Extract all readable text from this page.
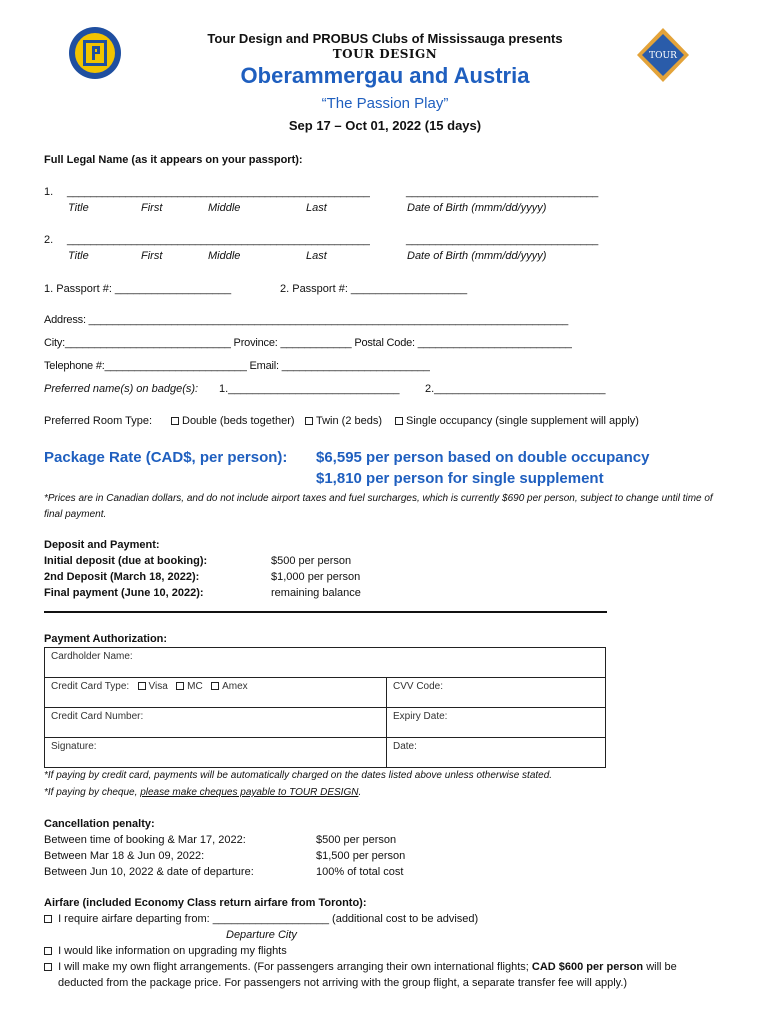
TOUR
Tour Design and PROBUS Clubs of Mississauga presents
TOUR DESIGN
Oberammergau and Austria
“The Passion Play”
Sep 17 – Oct 01, 2022 (15 days)
Full Legal Name (as it appears on your passport):
1. ____________________________________________________	_________________________________
Title	First	Middle	Last	Date of Birth (mmm/dd/yyyy)
2. ____________________________________________________	_________________________________
Title	First	Middle	Last	Date of Birth (mmm/dd/yyyy)
1. Passport #: ___________________	2. Passport #: ___________________
Address: _________________________________________________________________________________
City:____________________________ Province: ____________ Postal Code: __________________________
Telephone #:________________________ Email: _________________________
Preferred name(s) on badge(s): 1.____________________________ 2.____________________________
Preferred Room Type:	Double (beds together)	Twin (2 beds)	Single occupancy (single supplement will apply)
Package Rate (CAD$, per person): $6,595 per person based on double occupancy
$1,810 per person for single supplement
*Prices are in Canadian dollars, and do not include airport taxes and fuel surcharges, which is currently $690 per person, subject to change until time of final payment.
Deposit and Payment:
Initial deposit (due at booking):	$500 per person
2nd Deposit (March 18, 2022):	$1,000 per person
Final payment (June 10, 2022):	remaining balance
Payment Authorization:
Cardholder Name:	
Credit Card Type: Visa MC Amex	CVV Code:
Credit Card Number:	Expiry Date:
Signature:	Date:
*If paying by credit card, payments will be automatically charged on the dates listed above unless otherwise stated.
*If paying by cheque, please make cheques payable to TOUR DESIGN.
Cancellation penalty:
Between time of booking & Mar 17, 2022:	$500 per person
Between Mar 18 & Jun 09, 2022:	$1,500 per person
Between Jun 10, 2022 & date of departure:	100% of total cost
Airfare (included Economy Class return airfare from Toronto):
I require airfare departing from: ___________________ (additional cost to be advised)
Departure City
I would like information on upgrading my flights
I will make my own flight arrangements. (For passengers arranging their own international flights; CAD $600 per person will be
deducted from the package price. For passengers not arriving with the group flight, a separate transfer fee will apply.)
